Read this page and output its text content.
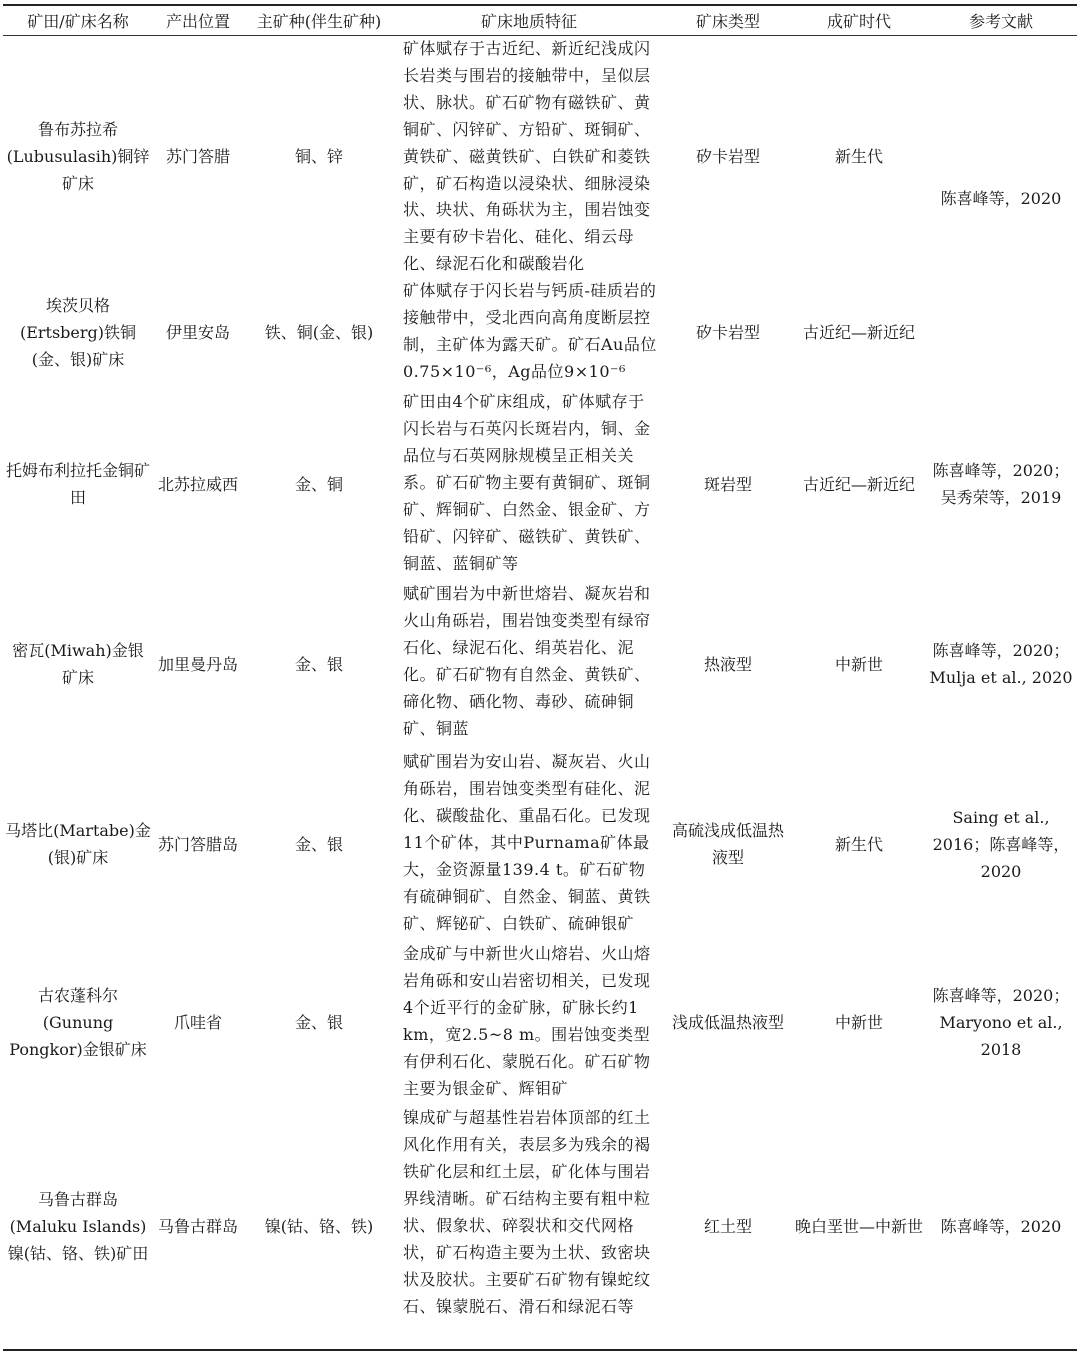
矿田/矿床名称	产出位置	主矿种(伴生矿种)	矿床地质特征	矿床类型	成矿时代	参考文献
鲁布苏拉希(Lubusulasih)铜锌矿床	苏门答腊	铜、锌	矿体赋存于古近纪、新近纪浅成闪长岩类与围岩的接触带中，呈似层状、脉状。矿石矿物有磁铁矿、黄铜矿、闪锌矿、方铅矿、斑铜矿、黄铁矿、磁黄铁矿、白铁矿和菱铁矿，矿石构造以浸染状、细脉浸染状、块状、角砾状为主，围岩蚀变主要有矽卡岩化、硅化、绢云母化、绿泥石化和碳酸岩化	矽卡岩型	新生代	陈喜峰等，2020
埃茨贝格(Ertsberg)铁铜(金、银)矿床	伊里安岛	铁、铜(金、银)	矿体赋存于闪长岩与钙质-硅质岩的接触带中，受北西向高角度断层控制，主矿体为露天矿。矿石Au品位0.75×10⁻⁶，Ag品位9×10⁻⁶	矽卡岩型	古近纪—新近纪	
托姆布利拉托金铜矿田	北苏拉威西	金、铜	矿田由4个矿床组成，矿体赋存于闪长岩与石英闪长斑岩内，铜、金品位与石英网脉规模呈正相关关系。矿石矿物主要有黄铜矿、斑铜矿、辉铜矿、白然金、银金矿、方铅矿、闪锌矿、磁铁矿、黄铁矿、铜蓝、蓝铜矿等	斑岩型	古近纪—新近纪	陈喜峰等，2020；吴秀荣等，2019
密瓦(Miwah)金银矿床	加里曼丹岛	金、银	赋矿围岩为中新世熔岩、凝灰岩和火山角砾岩，围岩蚀变类型有绿帘石化、绿泥石化、绢英岩化、泥化。矿石矿物有自然金、黄铁矿、碲化物、硒化物、毒砂、硫砷铜矿、铜蓝	热液型	中新世	陈喜峰等，2020；Mulja et al., 2020
马塔比(Martabe)金(银)矿床	苏门答腊岛	金、银	赋矿围岩为安山岩、凝灰岩、火山角砾岩，围岩蚀变类型有硅化、泥化、碳酸盐化、重晶石化。已发现11个矿体，其中Purnama矿体最大，金资源量139.4 t。矿石矿物有硫砷铜矿、自然金、铜蓝、黄铁矿、辉铋矿、白铁矿、硫砷银矿	高硫浅成低温热液型	新生代	Saing et al., 2016；陈喜峰等，2020
古农蓬科尔(Gunung Pongkor)金银矿床	爪哇省	金、银	金成矿与中新世火山熔岩、火山熔岩角砾和安山岩密切相关，已发现4个近平行的金矿脉，矿脉长约1 km，宽2.5~8 m。围岩蚀变类型有伊利石化、蒙脱石化。矿石矿物主要为银金矿、辉钼矿	浅成低温热液型	中新世	陈喜峰等，2020；Maryono et al., 2018
马鲁古群岛(Maluku Islands)镍(钴、铬、铁)矿田	马鲁古群岛	镍(钴、铬、铁)	镍成矿与超基性岩岩体顶部的红土风化作用有关，表层多为残余的褐铁矿化层和红土层，矿化体与围岩界线清晰。矿石结构主要有粗中粒状、假象状、碎裂状和交代网格状，矿石构造主要为土状、致密块状及胶状。主要矿石矿物有镍蛇纹石、镍蒙脱石、滑石和绿泥石等	红土型	晚白垩世—中新世	陈喜峰等，2020
